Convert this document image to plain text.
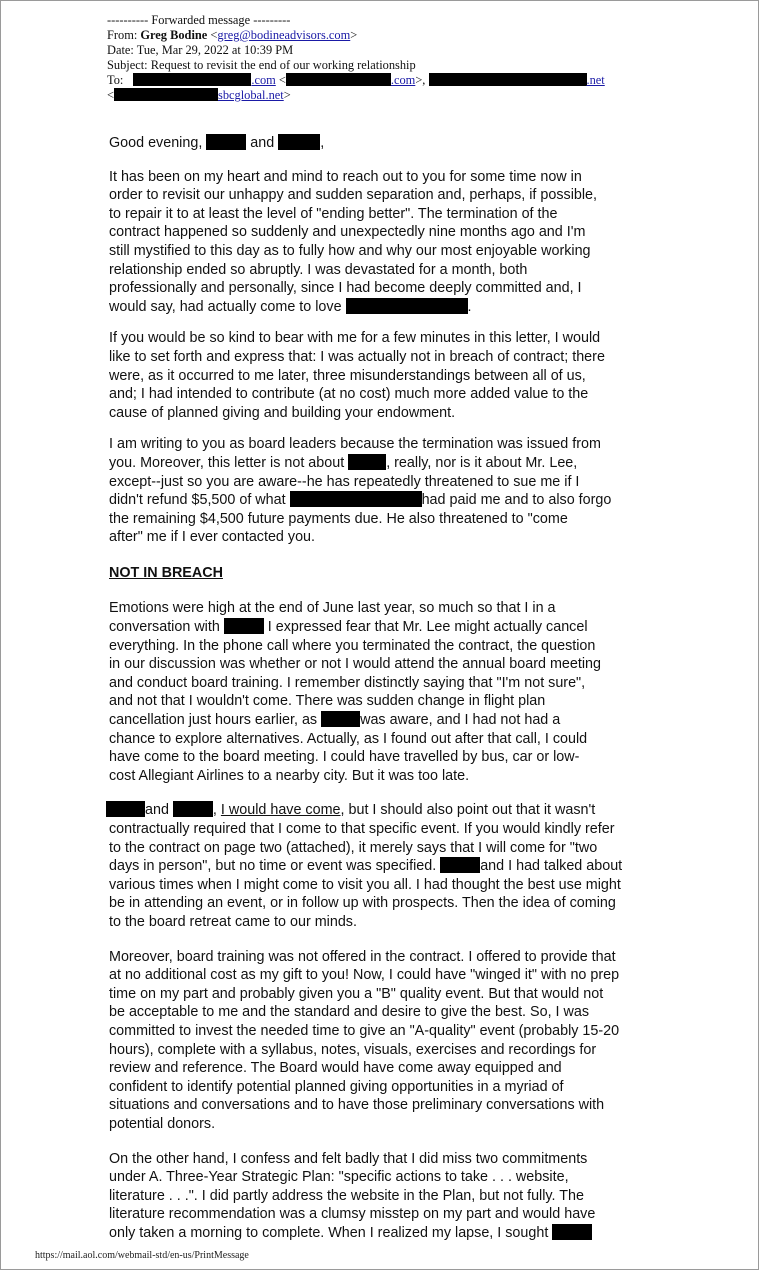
---------- Forwarded message ---------
From: Greg Bodine <greg@bodineadvisors.com>
Date: Tue, Mar 29, 2022 at 10:39 PM
Subject: Request to revisit the end of our working relationship
To:	.com <	.com>,	.net
<	sbcglobal.net>

Good evening,	and	,

It has been on my heart and mind to reach out to you for some time now in
order to revisit our unhappy and sudden separation and, perhaps, if possible,
to repair it to at least the level of "ending better". The termination of the
contract happened so suddenly and unexpectedly nine months ago and I'm
still mystified to this day as to fully how and why our most enjoyable working
relationship ended so abruptly. I was devastated for a month, both
professionally and personally, since I had become deeply committed and, I
would say, had actually come to love	.

If you would be so kind to bear with me for a few minutes in this letter, I would
like to set forth and express that: I was actually not in breach of contract; there
were, as it occurred to me later, three misunderstandings between all of us,
and; I had intended to contribute (at no cost) much more added value to the
cause of planned giving and building your endowment.

I am writing to you as board leaders because the termination was issued from
you. Moreover, this letter is not about	, really, nor is it about Mr. Lee,
except--just so you are aware--he has repeatedly threatened to sue me if I
didn't refund $5,500 of what	had paid me and to also forgo
the remaining $4,500 future payments due. He also threatened to "come
after" me if I ever contacted you.

NOT IN BREACH

Emotions were high at the end of June last year, so much so that I in a
conversation with	I expressed fear that Mr. Lee might actually cancel
everything. In the phone call where you terminated the contract, the question
in our discussion was whether or not I would attend the annual board meeting
and conduct board training. I remember distinctly saying that "I'm not sure",
and not that I wouldn't come. There was sudden change in flight plan
cancellation just hours earlier, as	was aware, and I had not had a
chance to explore alternatives. Actually, as I found out after that call, I could
have come to the board meeting. I could have travelled by bus, car or low-
cost Allegiant Airlines to a nearby city. But it was too late.

and	, I would have come, but I should also point out that it wasn't
contractually required that I come to that specific event. If you would kindly refer
to the contract on page two (attached), it merely says that I will come for "two
days in person", but no time or event was specified.	and I had talked about
various times when I might come to visit you all. I had thought the best use might
be in attending an event, or in follow up with prospects. Then the idea of coming
to the board retreat came to our minds.

Moreover, board training was not offered in the contract. I offered to provide that
at no additional cost as my gift to you! Now, I could have "winged it" with no prep
time on my part and probably given you a "B" quality event. But that would not
be acceptable to me and the standard and desire to give the best. So, I was
committed to invest the needed time to give an "A-quality" event (probably 15-20
hours), complete with a syllabus, notes, visuals, exercises and recordings for
review and reference. The Board would have come away equipped and
confident to identify potential planned giving opportunities in a myriad of
situations and conversations and to have those preliminary conversations with
potential donors.

On the other hand, I confess and felt badly that I did miss two commitments
under A. Three-Year Strategic Plan: "specific actions to take . . . website,
literature . . .". I did partly address the website in the Plan, but not fully. The
literature recommendation was a clumsy misstep on my part and would have
only taken a morning to complete. When I realized my lapse, I sought

https://mail.aol.com/webmail-std/en-us/PrintMessage
